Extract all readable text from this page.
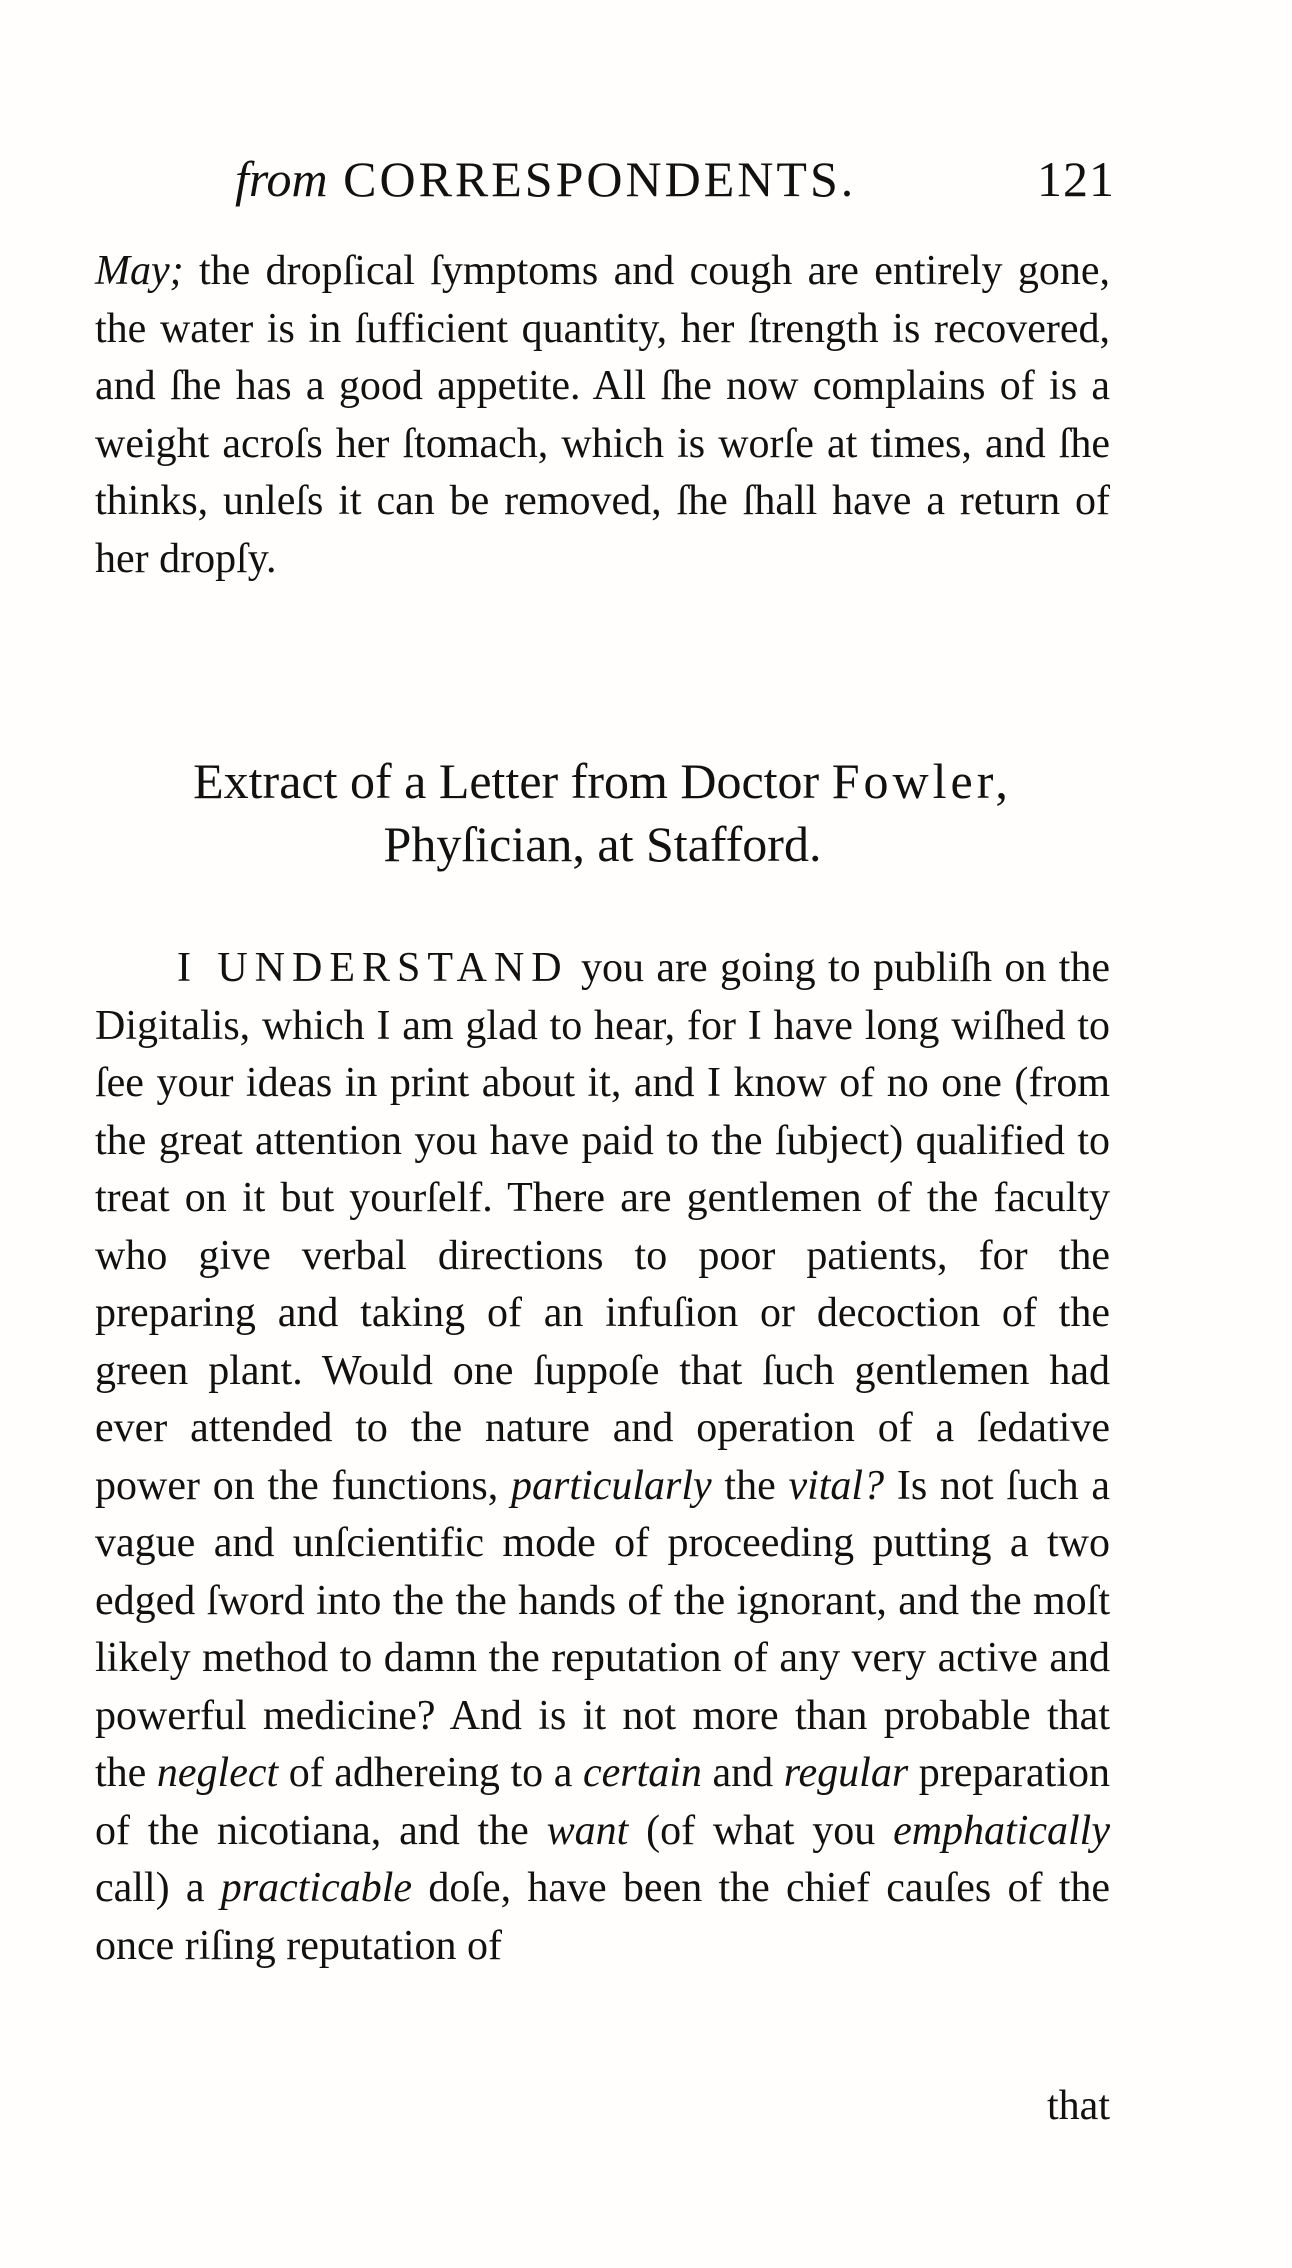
from CORRESPONDENTS.	121
May; the dropſical ſymptoms and cough are entirely gone, the water is in ſufficient quantity, her ſtrength is recovered, and ſhe has a good appetite. All ſhe now complains of is a weight acroſs her ſtomach, which is worſe at times, and ſhe thinks, unleſs it can be removed, ſhe ſhall have a return of her dropſy.
Extract of a Letter from Doctor Fowler,
Phyſician, at Stafford.
I UNDERSTAND you are going to publiſh on the Digitalis, which I am glad to hear, for I have long wiſhed to ſee your ideas in print about it, and I know of no one (from the great attention you have paid to the ſubject) qualified to treat on it but yourſelf. There are gentlemen of the faculty who give verbal directions to poor patients, for the preparing and taking of an infuſion or decoction of the green plant. Would one ſuppoſe that ſuch gentlemen had ever attended to the nature and operation of a ſedative power on the functions, particularly the vital? Is not ſuch a vague and unſcientific mode of proceeding putting a two edged ſword into the the hands of the ignorant, and the moſt likely method to damn the reputation of any very active and powerful medicine? And is it not more than probable that the neglect of adhereing to a certain and regular preparation of the nicotiana, and the want (of what you emphatically call) a practicable doſe, have been the chief cauſes of the once riſing reputation of
that
